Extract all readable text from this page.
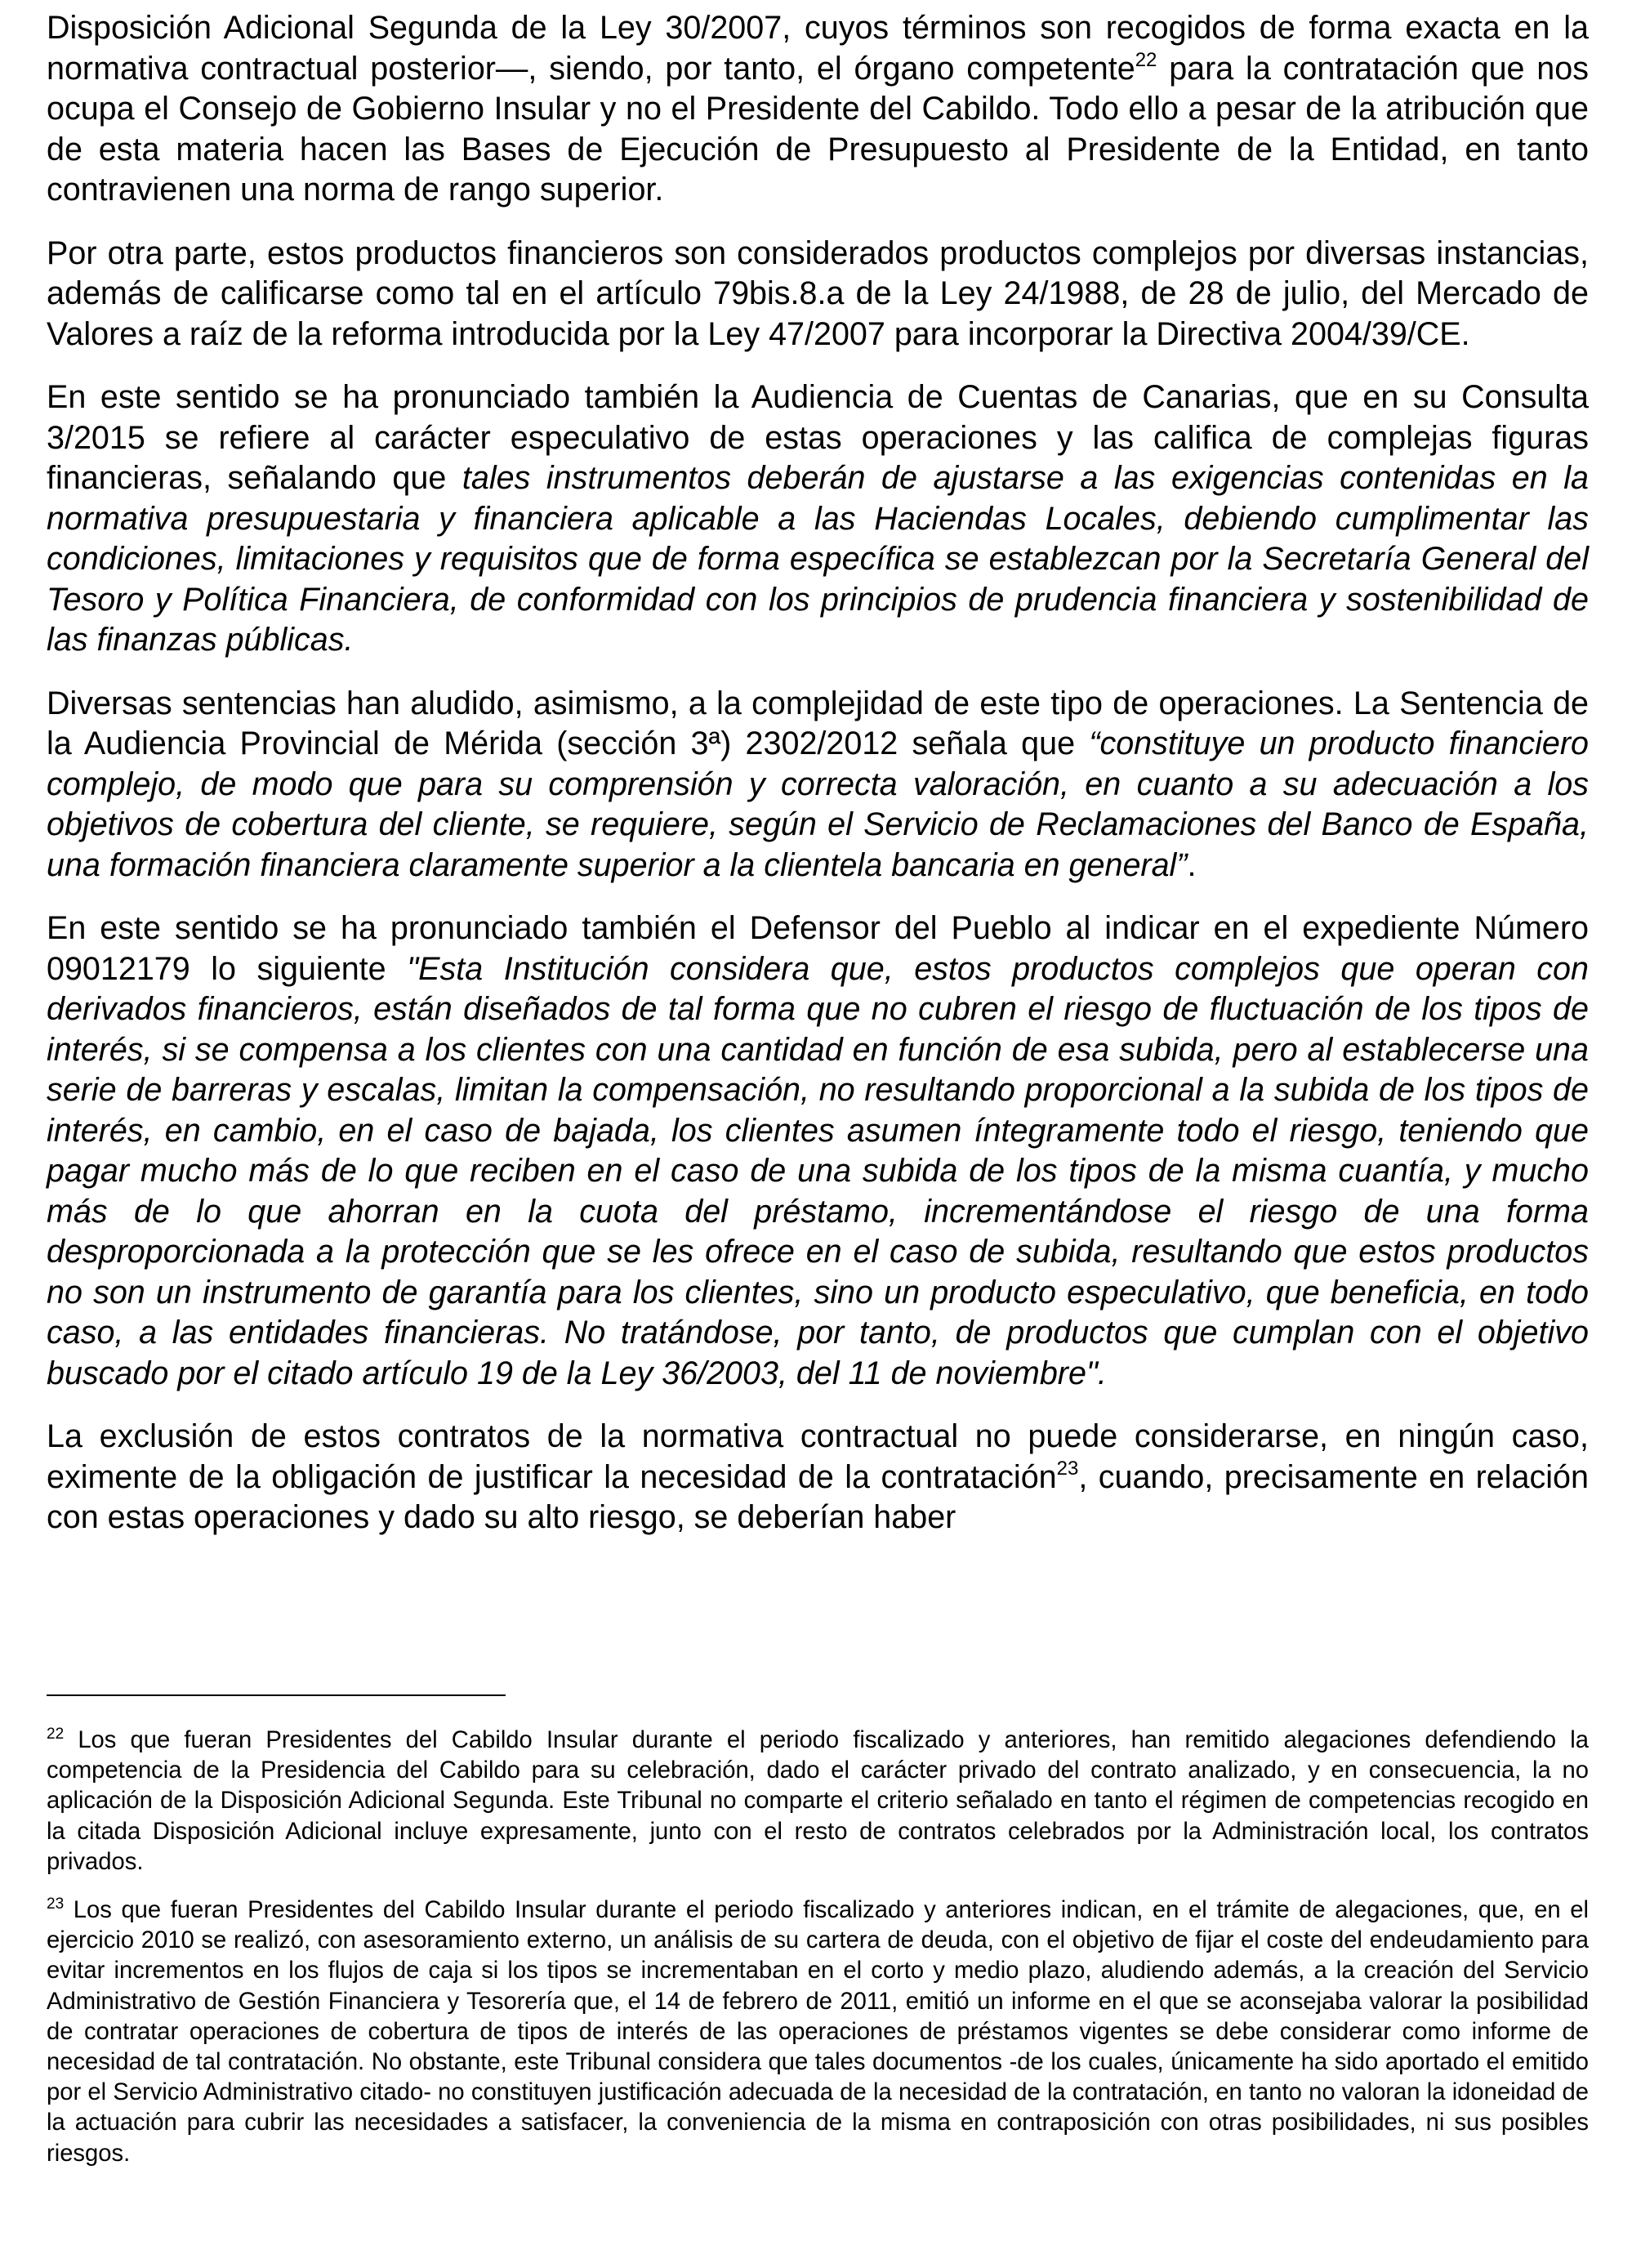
Disposición Adicional Segunda de la Ley 30/2007, cuyos términos son recogidos de forma exacta en la normativa contractual posterior—, siendo, por tanto, el órgano competente$^{22}$ para la contratación que nos ocupa el Consejo de Gobierno Insular y no el Presidente del Cabildo. Todo ello a pesar de la atribución que de esta materia hacen las Bases de Ejecución de Presupuesto al Presidente de la Entidad, en tanto contravienen una norma de rango superior.

Por otra parte, estos productos financieros son considerados productos complejos por diversas instancias, además de calificarse como tal en el artículo 79bis.8.a de la Ley 24/1988, de 28 de julio, del Mercado de Valores a raíz de la reforma introducida por la Ley 47/2007 para incorporar la Directiva 2004/39/CE.

En este sentido se ha pronunciado también la Audiencia de Cuentas de Canarias, que en su Consulta 3/2015 se refiere al carácter especulativo de estas operaciones y las califica de complejas figuras financieras, señalando que tales instrumentos deberán de ajustarse a las exigencias contenidas en la normativa presupuestaria y financiera aplicable a las Haciendas Locales, debiendo cumplimentar las condiciones, limitaciones y requisitos que de forma específica se establezcan por la Secretaría General del Tesoro y Política Financiera, de conformidad con los principios de prudencia financiera y sostenibilidad de las finanzas públicas.

Diversas sentencias han aludido, asimismo, a la complejidad de este tipo de operaciones. La Sentencia de la Audiencia Provincial de Mérida (sección 3ª) 2302/2012 señala que “constituye un producto financiero complejo, de modo que para su comprensión y correcta valoración, en cuanto a su adecuación a los objetivos de cobertura del cliente, se requiere, según el Servicio de Reclamaciones del Banco de España, una formación financiera claramente superior a la clientela bancaria en general”.

En este sentido se ha pronunciado también el Defensor del Pueblo al indicar en el expediente Número 09012179 lo siguiente "Esta Institución considera que, estos productos complejos que operan con derivados financieros, están diseñados de tal forma que no cubren el riesgo de fluctuación de los tipos de interés, si se compensa a los clientes con una cantidad en función de esa subida, pero al establecerse una serie de barreras y escalas, limitan la compensación, no resultando proporcional a la subida de los tipos de interés, en cambio, en el caso de bajada, los clientes asumen íntegramente todo el riesgo, teniendo que pagar mucho más de lo que reciben en el caso de una subida de los tipos de la misma cuantía, y mucho más de lo que ahorran en la cuota del préstamo, incrementándose el riesgo de una forma desproporcionada a la protección que se les ofrece en el caso de subida, resultando que estos productos no son un instrumento de garantía para los clientes, sino un producto especulativo, que beneficia, en todo caso, a las entidades financieras. No tratándose, por tanto, de productos que cumplan con el objetivo buscado por el citado artículo 19 de la Ley 36/2003, del 11 de noviembre".

La exclusión de estos contratos de la normativa contractual no puede considerarse, en ningún caso, eximente de la obligación de justificar la necesidad de la contratación$^{23}$, cuando, precisamente en relación con estas operaciones y dado su alto riesgo, se deberían haber

$^{22}$ Los que fueran Presidentes del Cabildo Insular durante el periodo fiscalizado y anteriores, han remitido alegaciones defendiendo la competencia de la Presidencia del Cabildo para su celebración, dado el carácter privado del contrato analizado, y en consecuencia, la no aplicación de la Disposición Adicional Segunda. Este Tribunal no comparte el criterio señalado en tanto el régimen de competencias recogido en la citada Disposición Adicional incluye expresamente, junto con el resto de contratos celebrados por la Administración local, los contratos privados.

$^{23}$ Los que fueran Presidentes del Cabildo Insular durante el periodo fiscalizado y anteriores indican, en el trámite de alegaciones, que, en el ejercicio 2010 se realizó, con asesoramiento externo, un análisis de su cartera de deuda, con el objetivo de fijar el coste del endeudamiento para evitar incrementos en los flujos de caja si los tipos se incrementaban en el corto y medio plazo, aludiendo además, a la creación del Servicio Administrativo de Gestión Financiera y Tesorería que, el 14 de febrero de 2011, emitió un informe en el que se aconsejaba valorar la posibilidad de contratar operaciones de cobertura de tipos de interés de las operaciones de préstamos vigentes se debe considerar como informe de necesidad de tal contratación. No obstante, este Tribunal considera que tales documentos -de los cuales, únicamente ha sido aportado el emitido por el Servicio Administrativo citado- no constituyen justificación adecuada de la necesidad de la contratación, en tanto no valoran la idoneidad de la actuación para cubrir las necesidades a satisfacer, la conveniencia de la misma en contraposición con otras posibilidades, ni sus posibles riesgos.
